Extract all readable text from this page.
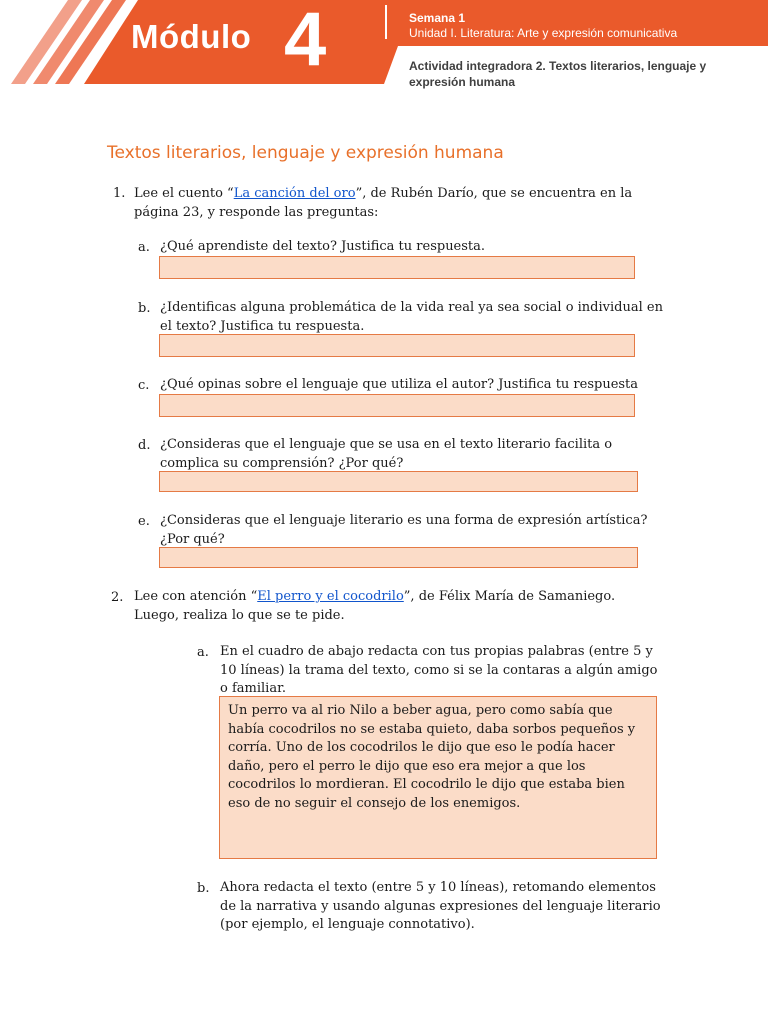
Módulo 4	Semana 1
Unidad I. Literatura: Arte y expresión comunicativa
Actividad integradora 2. Textos literarios, lenguaje y expresión humana
Textos literarios, lenguaje y expresión humana
1. Lee el cuento “La canción del oro”, de Rubén Darío, que se encuentra en la página 23, y responde las preguntas:
a. ¿Qué aprendiste del texto? Justifica tu respuesta.
b. ¿Identificas alguna problemática de la vida real ya sea social o individual en el texto? Justifica tu respuesta.
c. ¿Qué opinas sobre el lenguaje que utiliza el autor? Justifica tu respuesta
d. ¿Consideras que el lenguaje que se usa en el texto literario facilita o complica su comprensión? ¿Por qué?
e. ¿Consideras que el lenguaje literario es una forma de expresión artística? ¿Por qué?
2. Lee con atención “El perro y el cocodrilo”, de Félix María de Samaniego. Luego, realiza lo que se te pide.
a. En el cuadro de abajo redacta con tus propias palabras (entre 5 y 10 líneas) la trama del texto, como si se la contaras a algún amigo o familiar.
Un perro va al rio Nilo a beber agua, pero como sabía que había cocodrilos no se estaba quieto, daba sorbos pequeños y corría. Uno de los cocodrilos le dijo que eso le podía hacer daño, pero el perro le dijo que eso era mejor a que los cocodrilos lo mordieran. El cocodrilo le dijo que estaba bien eso de no seguir el consejo de los enemigos.
b. Ahora redacta el texto (entre 5 y 10 líneas), retomando elementos de la narrativa y usando algunas expresiones del lenguaje literario (por ejemplo, el lenguaje connotativo).
